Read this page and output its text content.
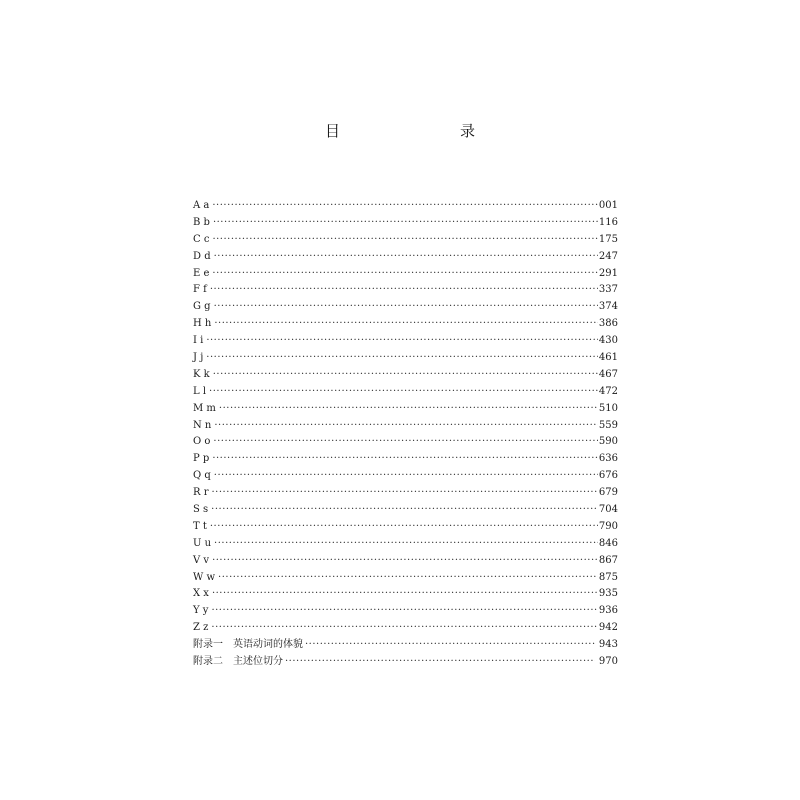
目　　录
A a ·····	001
B b ·····	116
C c ·····	175
D d ·····	247
E e ·····	291
F f ·····	337
G g ·····	374
H h ·····	386
I i ·····	430
J j ·····	461
K k ·····	467
L l ·····	472
M m ·····	510
N n ·····	559
O o ·····	590
P p ·····	636
Q q ·····	676
R r ·····	679
S s ·····	704
T t ·····	790
U u ·····	846
V v ·····	867
W w ·····	875
X x ·····	935
Y y ·····	936
Z z ·····	942
附录一　英语动词的体貌 ·····	943
附录二　主述位切分 ·····	970
